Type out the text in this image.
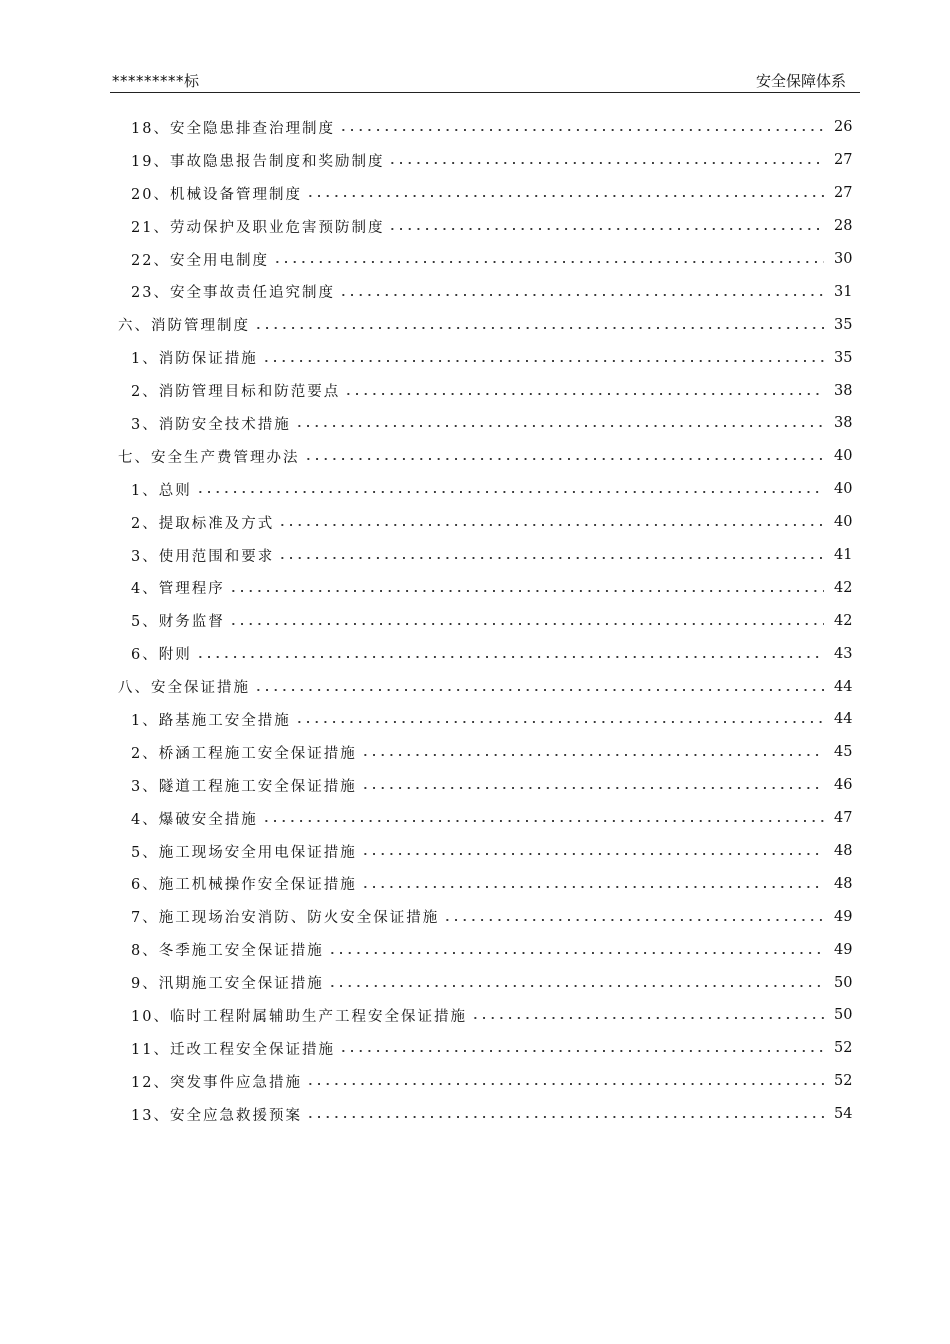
*********标	安全保障体系
18、安全隐患排查治理制度	26
19、事故隐患报告制度和奖励制度	27
20、机械设备管理制度	27
21、劳动保护及职业危害预防制度	28
22、安全用电制度	30
23、安全事故责任追究制度	31
六、消防管理制度	35
1、消防保证措施	35
2、消防管理目标和防范要点	38
3、消防安全技术措施	38
七、安全生产费管理办法	40
1、总则	40
2、提取标准及方式	40
3、使用范围和要求	41
4、管理程序	42
5、财务监督	42
6、附则	43
八、安全保证措施	44
1、路基施工安全措施	44
2、桥涵工程施工安全保证措施	45
3、隧道工程施工安全保证措施	46
4、爆破安全措施	47
5、施工现场安全用电保证措施	48
6、施工机械操作安全保证措施	48
7、施工现场治安消防、防火安全保证措施	49
8、冬季施工安全保证措施	49
9、汛期施工安全保证措施	50
10、临时工程附属辅助生产工程安全保证措施	50
11、迁改工程安全保证措施	52
12、突发事件应急措施	52
13、安全应急救援预案	54
